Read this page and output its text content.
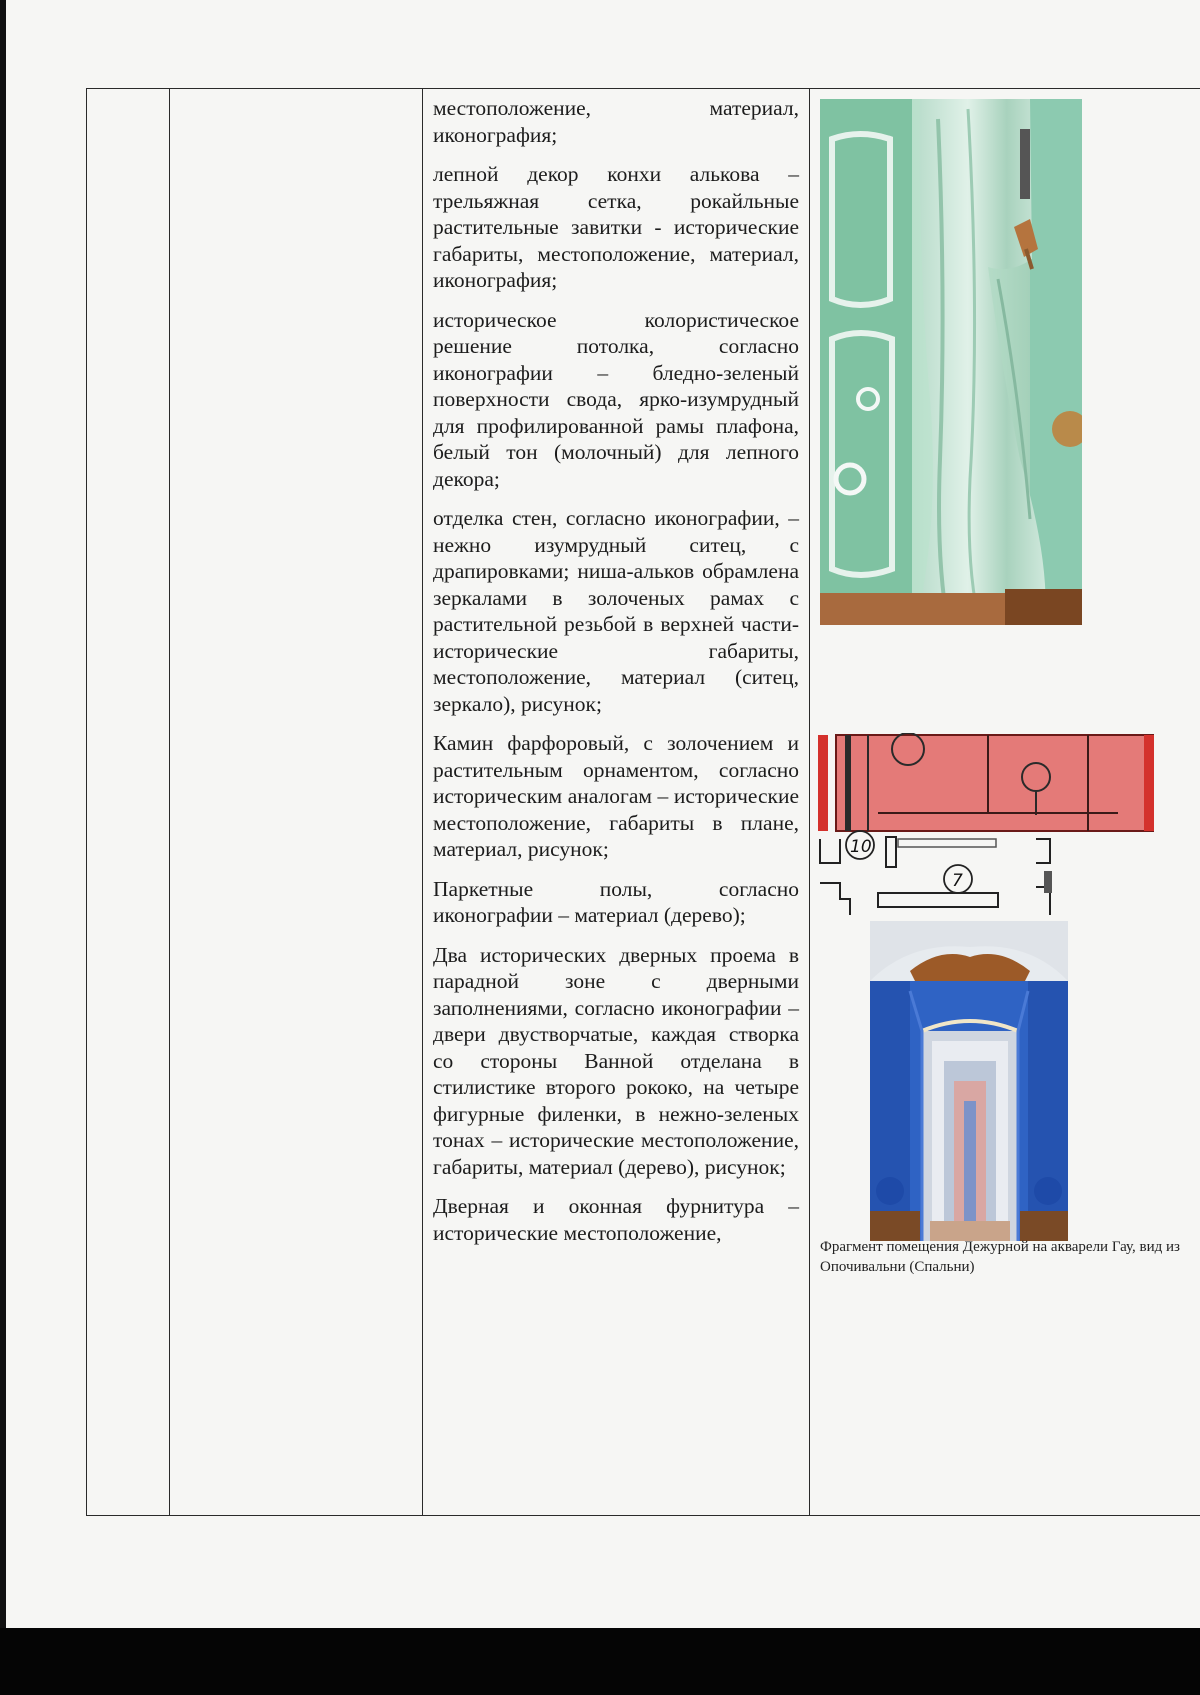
местоположение, материал, иконография;

лепной декор конхи алькова – трельяжная сетка, рокайльные растительные завитки - исторические габариты, местоположение, материал, иконография;

историческое колористическое решение потолка, согласно иконографии – бледно-зеленый поверхности свода, ярко-изумрудный для профилированной рамы плафона, белый тон (молочный) для лепного декора;

отделка стен, согласно иконографии, – нежно изумрудный ситец, с драпировками; ниша-альков обрамлена зеркалами в золоченых рамах с растительной резьбой в верхней части- исторические габариты, местоположение, материал (ситец, зеркало), рисунок;

Камин фарфоровый, с золочением и растительным орнаментом, согласно историческим аналогам – исторические местоположение, габариты в плане, материал, рисунок;

Паркетные полы, согласно иконографии – материал (дерево);

Два исторических дверных проема в парадной зоне с дверными заполнениями, согласно иконографии – двери двустворчатые, каждая створка со стороны Ванной отделана в стилистике второго рококо, на четыре фигурные филенки, в нежно-зеленых тонах – исторические местоположение, габариты, материал (дерево), рисунок;

Дверная и оконная фурнитура – исторические местоположение,

10
7
Фрагмент помещения Дежурной на акварели Гау, вид из Опочивальни (Спальни)
